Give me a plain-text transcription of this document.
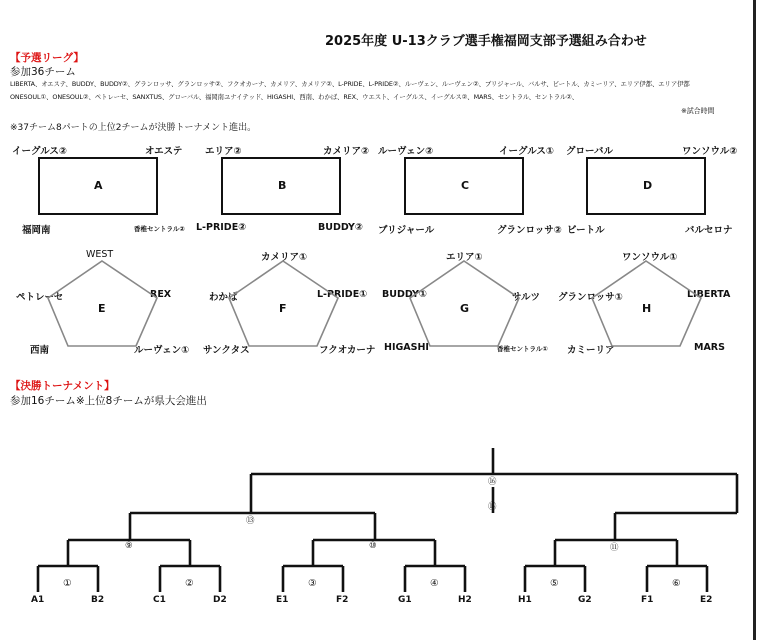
2025年度 U-13クラブ選手権福岡支部予選組み合わせ
【予選リーグ】
参加36チーム
LIBERTA、オエステ、BUDDY、BUDDY②、グランロッサ、グランロッサ②、フクオカーナ、カメリア、カメリア②、L-PRIDE、L-PRIDE②、ルーヴェン、ルーヴェン②、ブリジャール、バルサ、ビートル、カミーリア、エリア伊都、エリア伊都
ONESOUL①、ONESOUL②、ペトレーセ、SANXTUS、グローバル、福岡南ユナイテッド、HIGASHI、西南、わかば、REX、ウエスト、イーグルス、イーグルス②、MARS、セントラル、セントラル②、
※試合時間
※37チーム8パートの上位2チームが決勝トーナメント進出。
イーグルス②	オエステ
A
福岡南	香椎セントラル②
エリア②	カメリア②
B
L-PRIDE②	BUDDY②
ルーヴェン②	イーグルス①
C
ブリジャール	グランロッサ②
グローバル	ワンソウル②
D
ビートル	バルセロナ
WEST
ペトレーセ	REX
E
西南	ルーヴェン①
カメリア①
わかば	L-PRIDE①
F
サンクタス	フクオカーナ
エリア①
BUDDY①	サルツ
G
HIGASHI	香椎セントラル①
ワンソウル①
グランロッサ①	LIBERTA
H
カミーリア	MARS
【決勝トーナメント】
参加16チーム※上位8チームが県大会進出
⑯
⑬
⑮
⑨	⑩	⑪
①	②	③	④	⑤	⑥
A1	B2	C1	D2	E1	F2	G1	H2	H1	G2	F1	E2
